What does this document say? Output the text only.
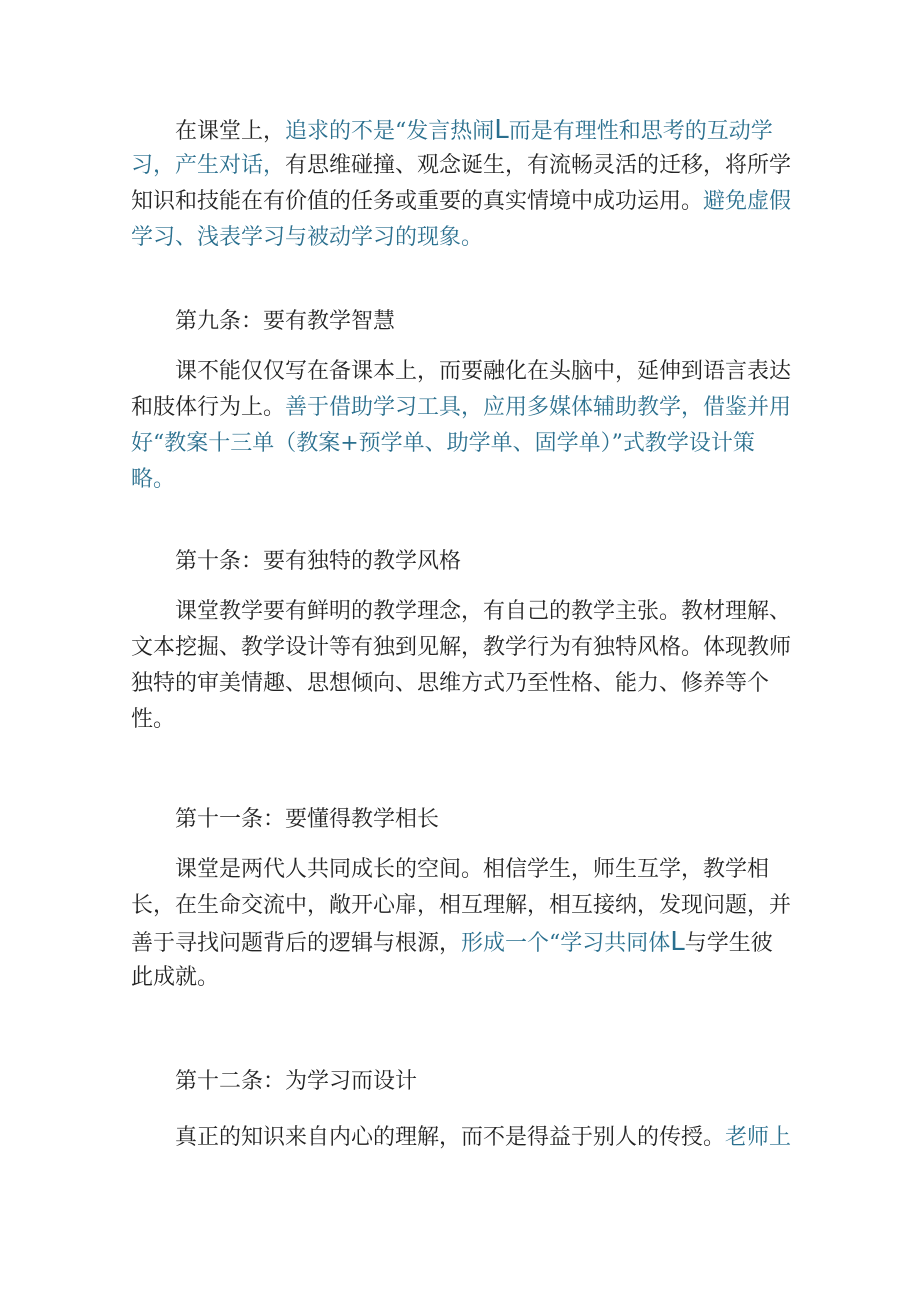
在课堂上，追求的不是“发言热闹L而是有理性和思考的互动学
习，产生对话，有思维碰撞、观念诞生，有流畅灵活的迁移，将所学
知识和技能在有价值的任务或重要的真实情境中成功运用。避免虚假
学习、浅表学习与被动学习的现象。

第九条：要有教学智慧

课不能仅仅写在备课本上，而要融化在头脑中，延伸到语言表达
和肢体行为上。善于借助学习工具，应用多媒体辅助教学，借鉴并用
好“教案十三单（教案+预学单、助学单、固学单）”式教学设计策
略。

第十条：要有独特的教学风格

课堂教学要有鲜明的教学理念，有自己的教学主张。教材理解、
文本挖掘、教学设计等有独到见解，教学行为有独特风格。体现教师
独特的审美情趣、思想倾向、思维方式乃至性格、能力、修养等个
性。

第十一条：要懂得教学相长

课堂是两代人共同成长的空间。相信学生，师生互学，教学相
长，在生命交流中，敞开心扉，相互理解，相互接纳，发现问题，并
善于寻找问题背后的逻辑与根源，形成一个“学习共同体L与学生彼
此成就。

第十二条：为学习而设计

真正的知识来自内心的理解，而不是得益于别人的传授。老师上
